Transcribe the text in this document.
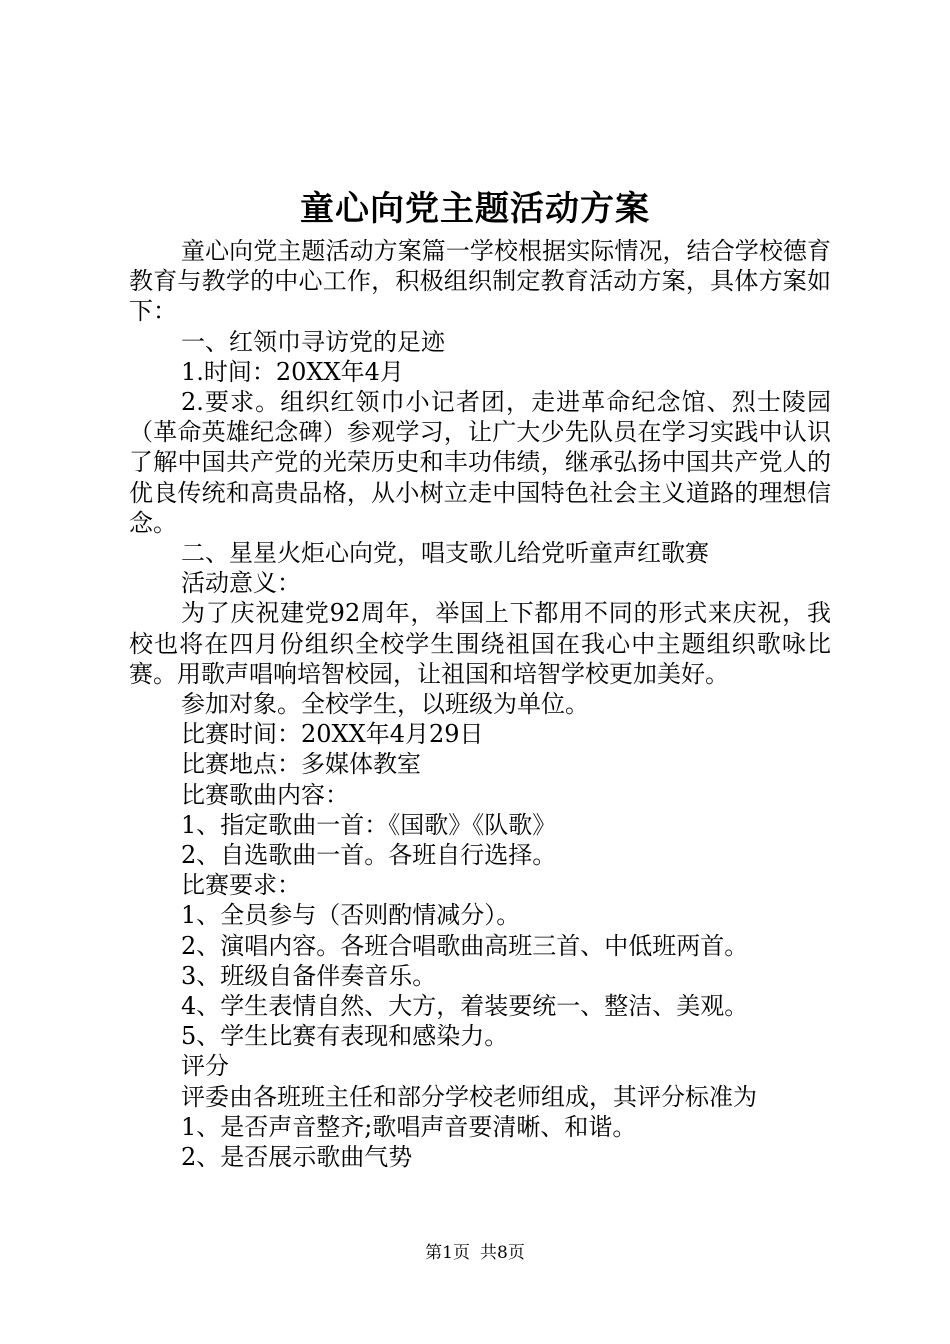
童心向党主题活动方案

童心向党主题活动方案篇一学校根据实际情况，结合学校德育教育与教学的中心工作，积极组织制定教育活动方案，具体方案如下：

一、红领巾寻访党的足迹

1.时间：20XX年4月

2.要求。组织红领巾小记者团，走进革命纪念馆、烈士陵园（革命英雄纪念碑）参观学习，让广大少先队员在学习实践中认识了解中国共产党的光荣历史和丰功伟绩，继承弘扬中国共产党人的优良传统和高贵品格，从小树立走中国特色社会主义道路的理想信念。

二、星星火炬心向党，唱支歌儿给党听童声红歌赛

活动意义：

为了庆祝建党92周年，举国上下都用不同的形式来庆祝，我校也将在四月份组织全校学生围绕祖国在我心中主题组织歌咏比赛。用歌声唱响培智校园，让祖国和培智学校更加美好。

参加对象。全校学生，以班级为单位。

比赛时间：20XX年4月29日

比赛地点：多媒体教室

比赛歌曲内容：

1、指定歌曲一首：《国歌》《队歌》

2、自选歌曲一首。各班自行选择。

比赛要求：

1、全员参与（否则酌情减分）。

2、演唱内容。各班合唱歌曲高班三首、中低班两首。

3、班级自备伴奏音乐。

4、学生表情自然、大方，着装要统一、整洁、美观。

5、学生比赛有表现和感染力。

评分

评委由各班班主任和部分学校老师组成，其评分标准为

1、是否声音整齐;歌唱声音要清晰、和谐。

2、是否展示歌曲气势

第1页 共8页
